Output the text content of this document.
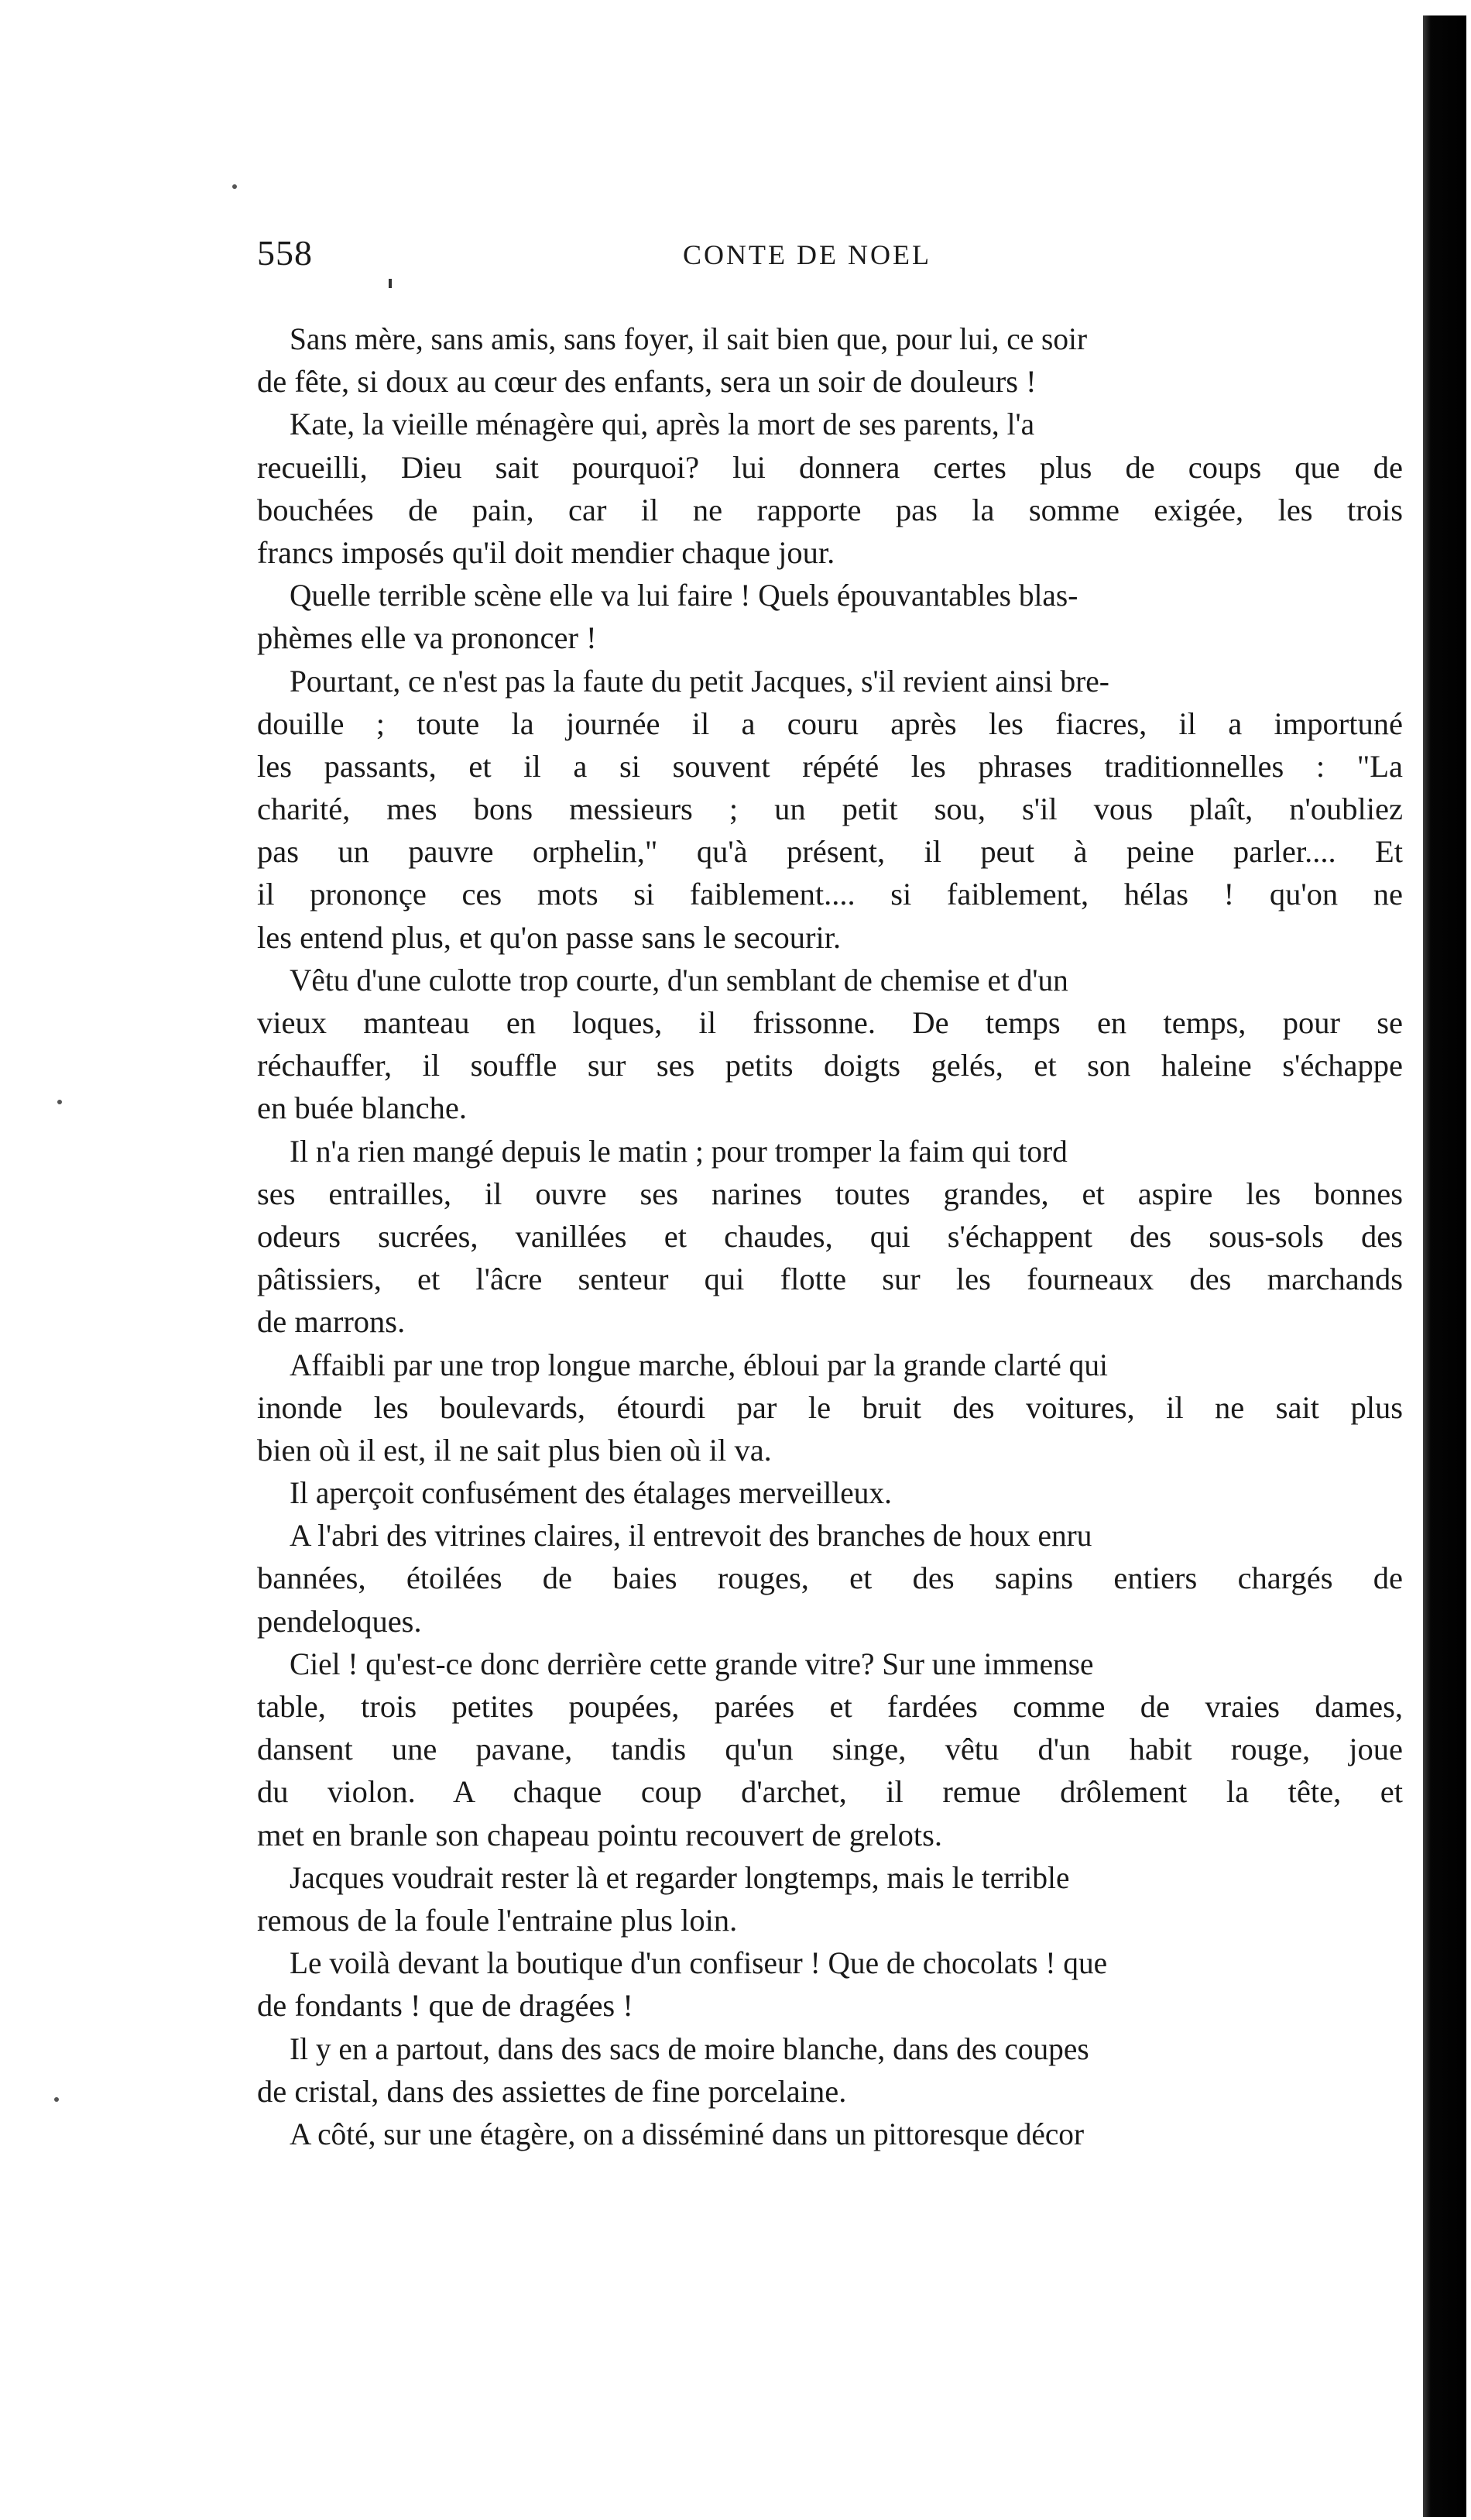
558	CONTE DE NOEL
Sans mère, sans amis, sans foyer, il sait bien que, pour lui, ce soir
de fête, si doux au cœur des enfants, sera un soir de douleurs !
Kate, la vieille ménagère qui, après la mort de ses parents, l'a
recueilli, Dieu sait pourquoi? lui donnera certes plus de coups que de
bouchées de pain, car il ne rapporte pas la somme exigée, les trois
francs imposés qu'il doit mendier chaque jour.
Quelle terrible scène elle va lui faire ! Quels épouvantables blas-
phèmes elle va prononcer !
Pourtant, ce n'est pas la faute du petit Jacques, s'il revient ainsi bre-
douille ; toute la journée il a couru après les fiacres, il a importuné
les passants, et il a si souvent répété les phrases traditionnelles : "La
charité, mes bons messieurs ; un petit sou, s'il vous plaît, n'oubliez
pas un pauvre orphelin," qu'à présent, il peut à peine parler.... Et
il prononçe ces mots si faiblement.... si faiblement, hélas ! qu'on ne
les entend plus, et qu'on passe sans le secourir.
Vêtu d'une culotte trop courte, d'un semblant de chemise et d'un
vieux manteau en loques, il frissonne. De temps en temps, pour se
réchauffer, il souffle sur ses petits doigts gelés, et son haleine s'échappe
en buée blanche.
Il n'a rien mangé depuis le matin ; pour tromper la faim qui tord
ses entrailles, il ouvre ses narines toutes grandes, et aspire les bonnes
odeurs sucrées, vanillées et chaudes, qui s'échappent des sous-sols des
pâtissiers, et l'âcre senteur qui flotte sur les fourneaux des marchands
de marrons.
Affaibli par une trop longue marche, ébloui par la grande clarté qui
inonde les boulevards, étourdi par le bruit des voitures, il ne sait plus
bien où il est, il ne sait plus bien où il va.
Il aperçoit confusément des étalages merveilleux.
A l'abri des vitrines claires, il entrevoit des branches de houx enru
bannées, étoilées de baies rouges, et des sapins entiers chargés de
pendeloques.
Ciel ! qu'est-ce donc derrière cette grande vitre? Sur une immense
table, trois petites poupées, parées et fardées comme de vraies dames,
dansent une pavane, tandis qu'un singe, vêtu d'un habit rouge, joue
du violon. A chaque coup d'archet, il remue drôlement la tête, et
met en branle son chapeau pointu recouvert de grelots.
Jacques voudrait rester là et regarder longtemps, mais le terrible
remous de la foule l'entraine plus loin.
Le voilà devant la boutique d'un confiseur ! Que de chocolats ! que
de fondants ! que de dragées !
Il y en a partout, dans des sacs de moire blanche, dans des coupes
de cristal, dans des assiettes de fine porcelaine.
A côté, sur une étagère, on a disséminé dans un pittoresque décor
